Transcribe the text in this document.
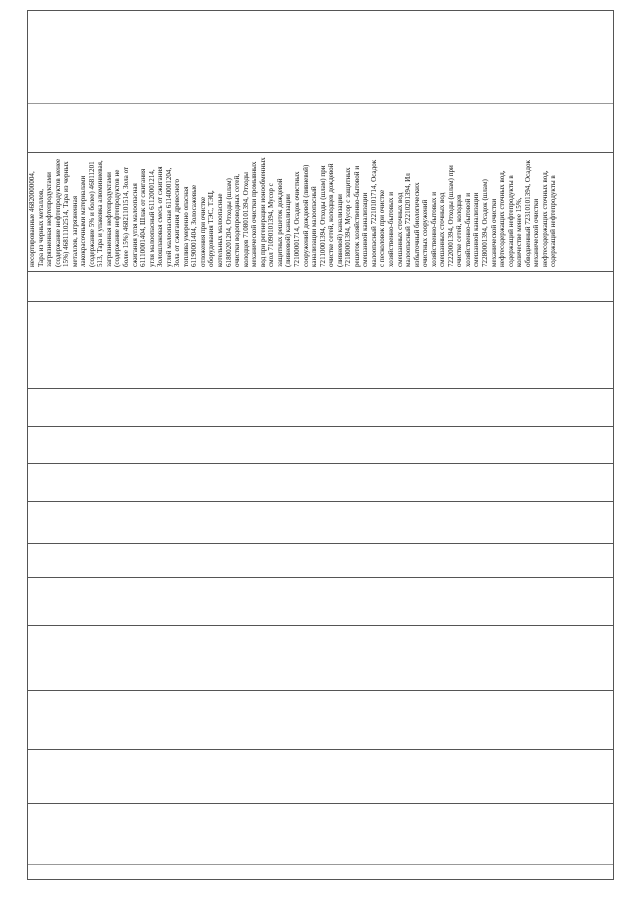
несортированные 46820000004, Тара из черных металлов, загрязненная нефтепродуктами (содержание нефтепродуктов менее 15%) 46811102514, Тара из черных металлов, загрязненная лакокрасочными материалами (содержание 5% и более) 46811201 513, Тара и упаковка алюминиевая, загрязненная нефтепродуктами (содержание нефтепродуктов не более 15%) 46821101514, Зола от сжигания угля малоопасная 61110001404, Шлак от сжигания угля малоопасный 61120001214, Золошлаковая смесь от сжигания углей малоопасная 61140001204, Зола от сжигания древесного топлива умеренно опасная 61190001404, Золосажевые отложения при очистке оборудования ТЭС, ТЭЦ, котельных малоопасные 61800201204, Отходы (шлам) очистки водопроводных сетей, колодцев 71080101394, Отходы механической очистки промывных вод при регенерации ионообменных смол 71090101394, Мусор с защитных решеток дождевой (ливневой) канализации 72100001714, Осадок очистных сооружений дождевой (ливневой) канализации малоопасный 72110001394, Отходы (шлам) при очистке сетей, колодцев дождевой (ливневой) канализации 72180001394, Мусор с защитных решеток хозяйственно-бытовой и смешанной канализации малоопасный 72210101714, Осадок с песколовок при очистке хозяйственно-бытовых и смешанных сточных вод малоопасный 72210201394, Ил избыточный биологических очистных сооружений хозяйственно-бытовых и смешанных сточных вод 72220001394, Отходы (шлам) при очистке сетей, колодцев хозяйственно-бытовой и смешанной канализации 72280001394, Осадок (шлам) механической очистки нефтесодержащих сточных вод, содержащий нефтепродукты в количестве менее 15%, обводненный 72310101394, Осадок механической очистки нефтесодержащих сточных вод, содержащий нефтепродукты в
